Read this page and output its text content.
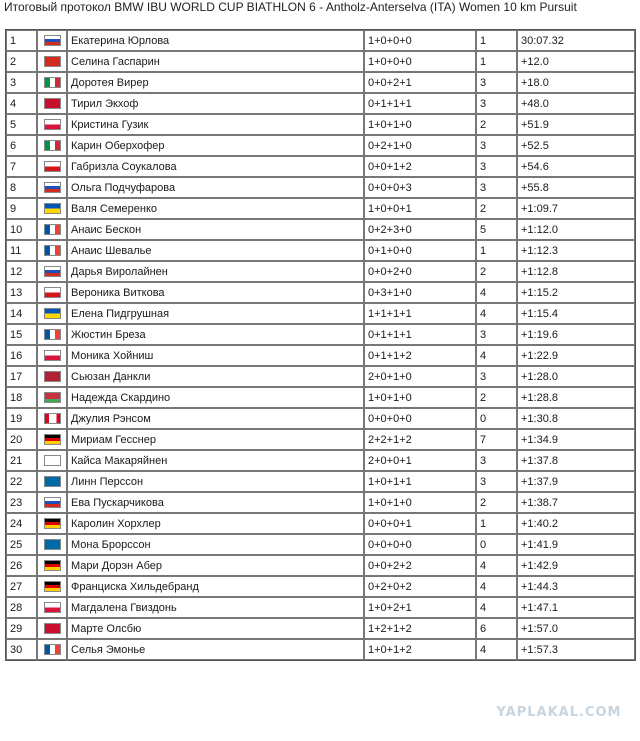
Итоговый протокол BMW IBU WORLD CUP BIATHLON 6 - Antholz-Anterselva (ITA) Women 10 km Pursuit
1		Екатерина Юрлова	1+0+0+0	1	30:07.32
2		Селина Гаспарин	1+0+0+0	1	+12.0
3		Доротея Вирер	0+0+2+1	3	+18.0
4		Тирил Экхоф	0+1+1+1	3	+48.0
5		Кристина Гузик	1+0+1+0	2	+51.9
6		Карин Оберхофер	0+2+1+0	3	+52.5
7		Габризла Соукалова	0+0+1+2	3	+54.6
8		Ольга Подчуфарова	0+0+0+3	3	+55.8
9		Валя Семеренко	1+0+0+1	2	+1:09.7
10		Анаис Бескон	0+2+3+0	5	+1:12.0
11		Анаис Шевалье	0+1+0+0	1	+1:12.3
12		Дарья Виролайнен	0+0+2+0	2	+1:12.8
13		Вероника Виткова	0+3+1+0	4	+1:15.2
14		Елена Пидгрушная	1+1+1+1	4	+1:15.4
15		Жюстин Бреза	0+1+1+1	3	+1:19.6
16		Моника Хойниш	0+1+1+2	4	+1:22.9
17		Сьюзан Данкли	2+0+1+0	3	+1:28.0
18		Надежда Скардино	1+0+1+0	2	+1:28.8
19		Джулия Рэнсом	0+0+0+0	0	+1:30.8
20		Мириам Гесснер	2+2+1+2	7	+1:34.9
21		Кайса Макаряйнен	2+0+0+1	3	+1:37.8
22		Линн Перссон	1+0+1+1	3	+1:37.9
23		Ева Пускарчикова	1+0+1+0	2	+1:38.7
24		Каролин Хорхлер	0+0+0+1	1	+1:40.2
25		Мона Брорссон	0+0+0+0	0	+1:41.9
26		Мари Дорэн Абер	0+0+2+2	4	+1:42.9
27		Франциска Хильдебранд	0+2+0+2	4	+1:44.3
28		Магдалена Гвиздонь	1+0+2+1	4	+1:47.1
29		Марте Олсбю	1+2+1+2	6	+1:57.0
30		Селья Эмонье	1+0+1+2	4	+1:57.3
YAPLAKAL.COM
